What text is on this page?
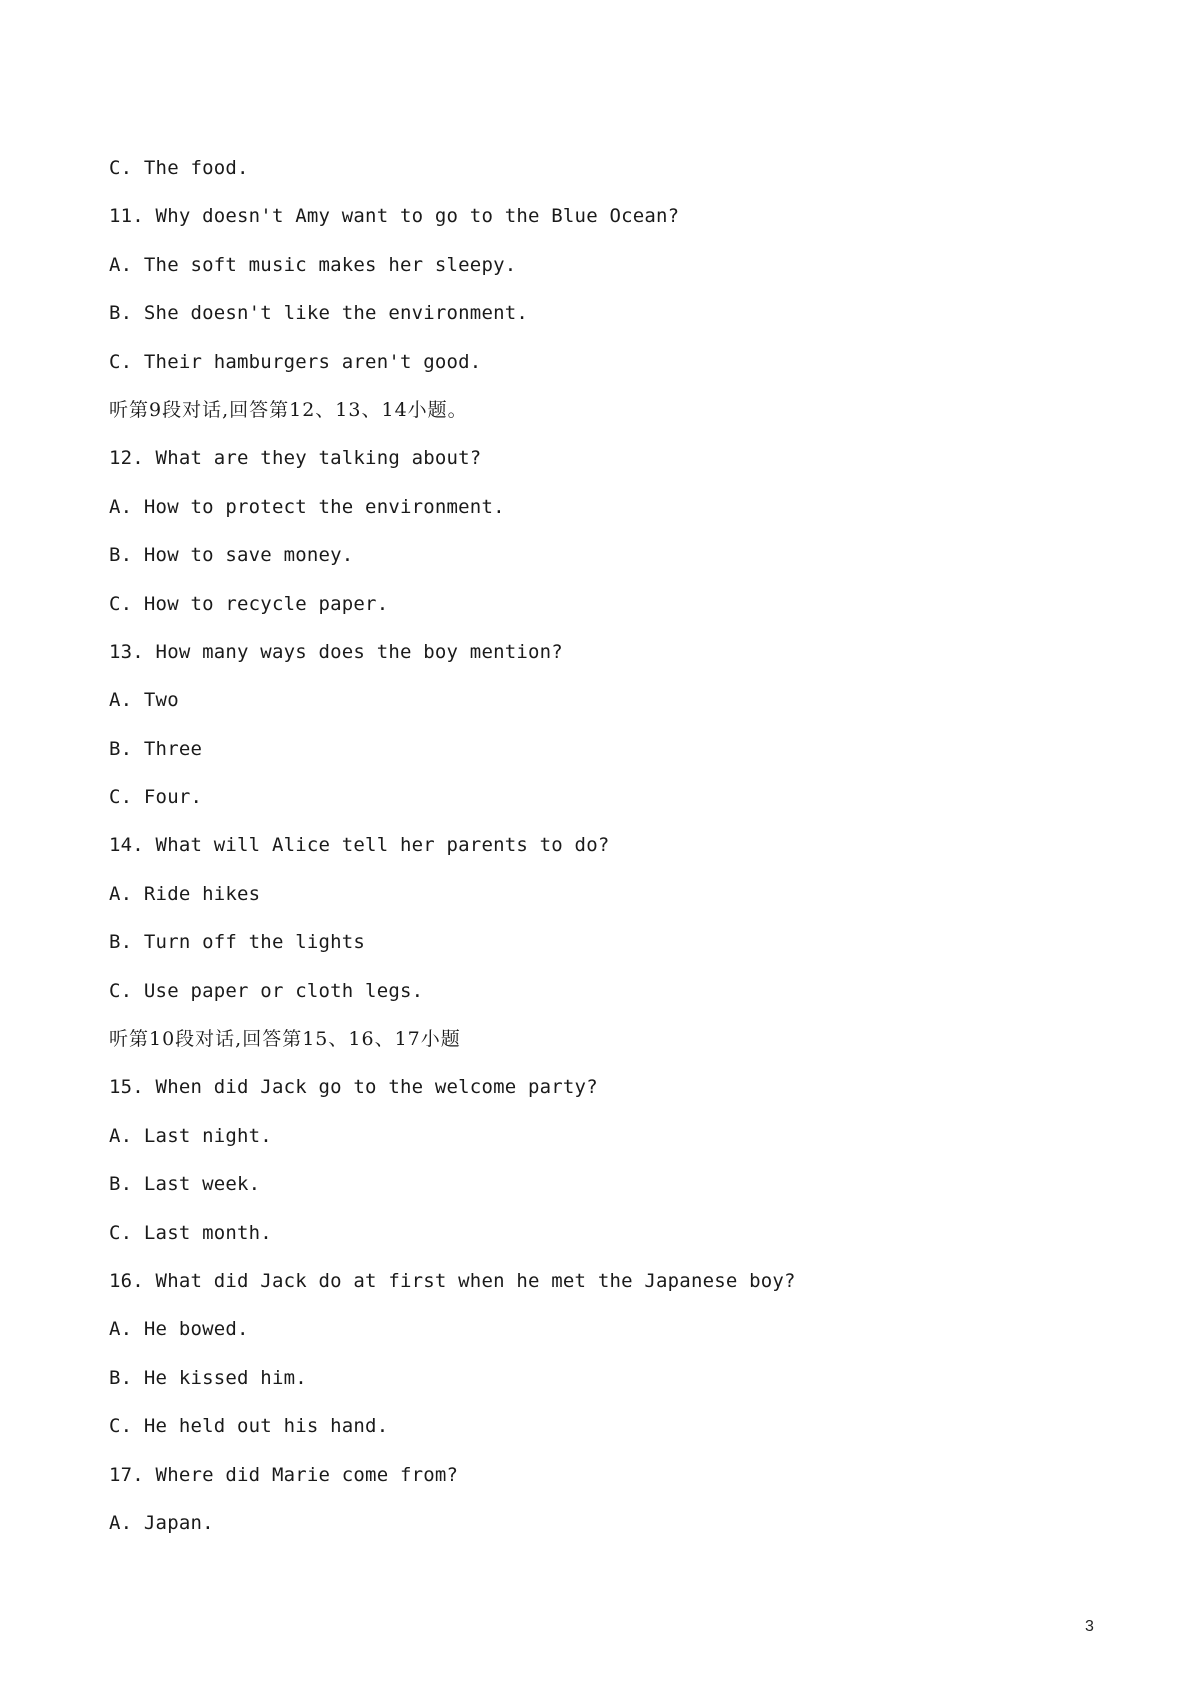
C. The food.
11. Why doesn't Amy want to go to the Blue Ocean?
A. The soft music makes her sleepy.
B. She doesn't like the environment.
C. Their hamburgers aren't good.
听第9段对话,回答第12、13、14小题。
12. What are they talking about?
A. How to protect the environment.
B. How to save money.
C. How to recycle paper.
13. How many ways does the boy mention?
A. Two
B. Three
C. Four.
14. What will Alice tell her parents to do?
A. Ride hikes
B. Turn off the lights
C. Use paper or cloth legs.
听第10段对话,回答第15、16、17小题
15. When did Jack go to the welcome party?
A. Last night.
B. Last week.
C. Last month.
16. What did Jack do at first when he met the Japanese boy?
A. He bowed.
B. He kissed him.
C. He held out his hand.
17. Where did Marie come from?
A. Japan.
3
